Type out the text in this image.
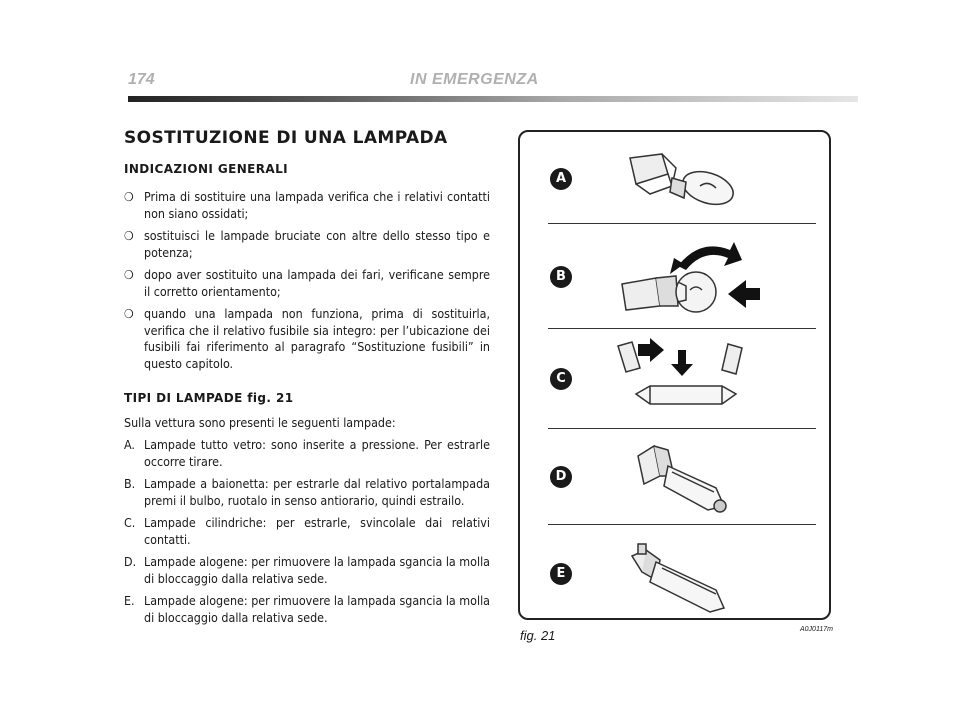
174	IN EMERGENZA
SOSTITUZIONE DI UNA LAMPADA
INDICAZIONI GENERALI
❍ Prima di sostituire una lampada verifica che i relativi contatti non siano ossidati;
❍ sostituisci le lampade bruciate con altre dello stesso tipo e potenza;
❍ dopo aver sostituito una lampada dei fari, verificane sempre il corretto orientamento;
❍ quando una lampada non funziona, prima di sostituirla, verifica che il relativo fusibile sia integro: per l’ubicazione dei fusibili fai riferimento al paragrafo “Sostituzione fusibili” in questo capitolo.
TIPI DI LAMPADE fig. 21
Sulla vettura sono presenti le seguenti lampade:
A. Lampade tutto vetro: sono inserite a pressione. Per estrarle occorre tirare.
B. Lampade a baionetta: per estrarle dal relativo portalampada premi il bulbo, ruotalo in senso antiorario, quindi estrailo.
C. Lampade cilindriche: per estrarle, svincolale dai relativi contatti.
D. Lampade alogene: per rimuovere la lampada sgancia la molla di bloccaggio dalla relativa sede.
E. Lampade alogene: per rimuovere la lampada sgancia la molla di bloccaggio dalla relativa sede.
A
B
C
D
E
fig. 21	A0J0117m
